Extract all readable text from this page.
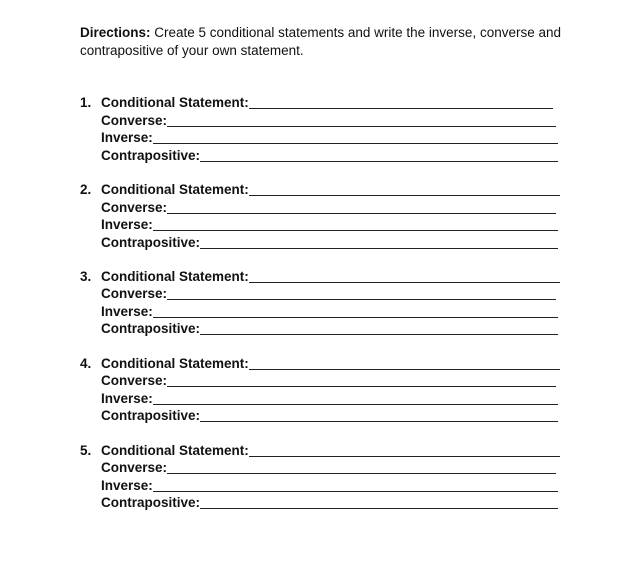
Directions: Create 5 conditional statements and write the inverse, converse and contrapositive of your own statement.
1. Conditional Statement:
Converse:
Inverse:
Contrapositive:
2. Conditional Statement:
Converse:
Inverse:
Contrapositive:
3. Conditional Statement:
Converse:
Inverse:
Contrapositive:
4. Conditional Statement:
Converse:
Inverse:
Contrapositive:
5. Conditional Statement:
Converse:
Inverse:
Contrapositive:
